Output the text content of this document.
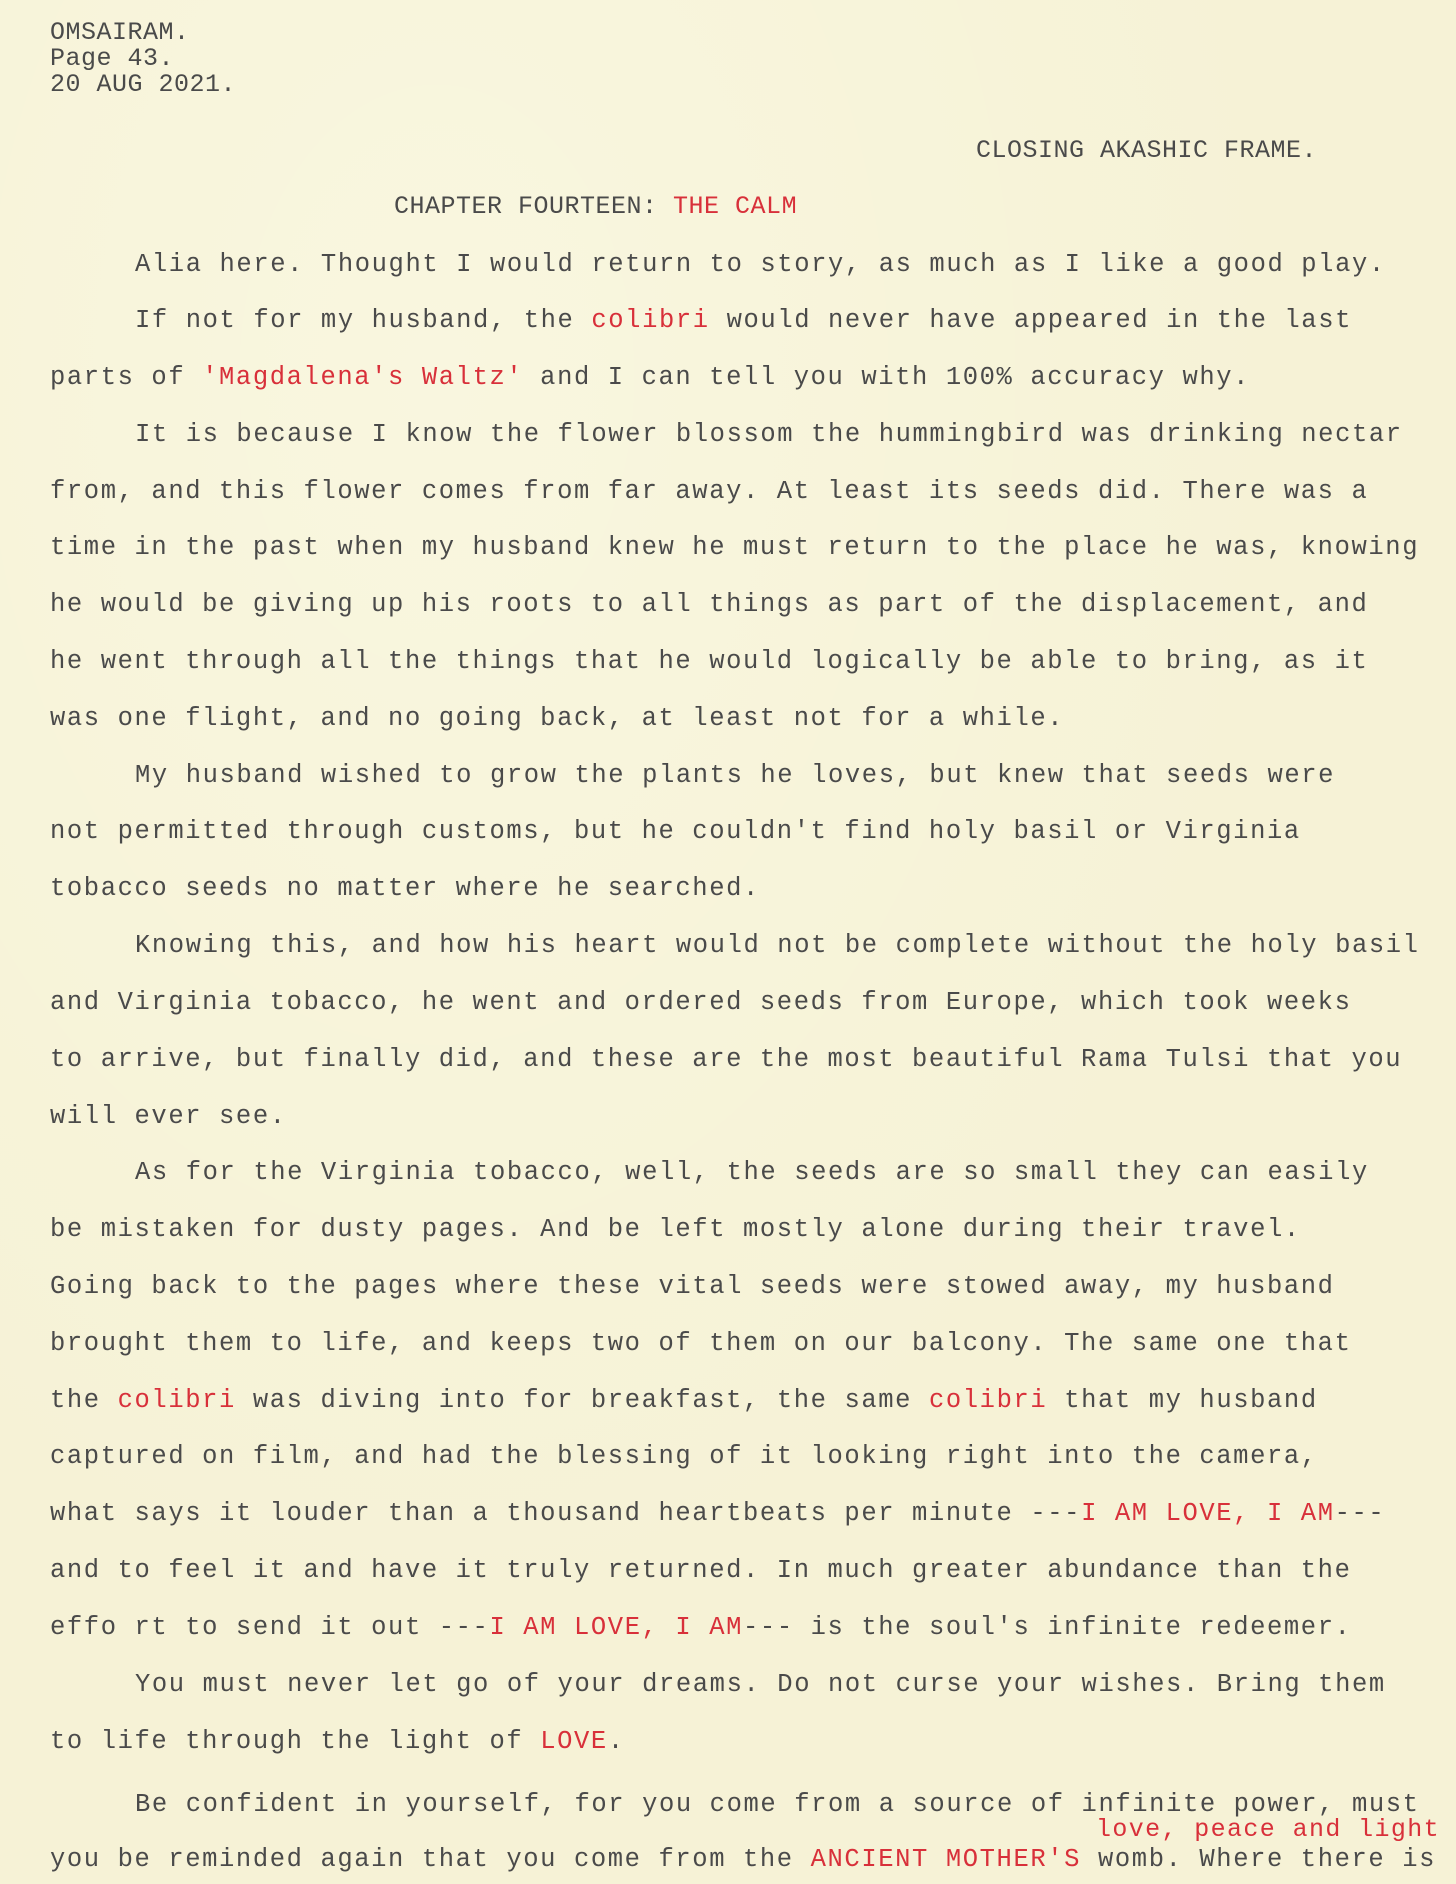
OMSAIRAM.
Page 43.
20 AUG 2021.
CLOSING AKASHIC FRAME.
CHAPTER FOURTEEN: THE CALM
Alia here. Thought I would return to story, as much as I like a good play.
If not for my husband, the colibri would never have appeared in the last
parts of 'Magdalena's Waltz' and I can tell you with 100% accuracy why.
It is because I know the flower blossom the hummingbird was drinking nectar
from, and this flower comes from far away. At least its seeds did. There was a
time in the past when my husband knew he must return to the place he was, knowing
he would be giving up his roots to all things as part of the displacement, and
he went through all the things that he would logically be able to bring, as it
was one flight, and no going back, at least not for a while.
My husband wished to grow the plants he loves, but knew that seeds were
not permitted through customs, but he couldn't find holy basil or Virginia
tobacco seeds no matter where he searched.
Knowing this, and how his heart would not be complete without the holy basil
and Virginia tobacco, he went and ordered seeds from Europe, which took weeks
to arrive, but finally did, and these are the most beautiful Rama Tulsi that you
will ever see.
As for the Virginia tobacco, well, the seeds are so small they can easily
be mistaken for dusty pages. And be left mostly alone during their travel.
Going back to the pages where these vital seeds were stowed away, my husband
brought them to life, and keeps two of them on our balcony. The same one that
the colibri was diving into for breakfast, the same colibri that my husband
captured on film, and had the blessing of it looking right into the camera,
what says it louder than a thousand heartbeats per minute ---I AM LOVE, I AM---
and to feel it and have it truly returned. In much greater abundance than the
effo rt to send it out ---I AM LOVE, I AM--- is the soul's infinite redeemer.
You must never let go of your dreams. Do not curse your wishes. Bring them
to life through the light of LOVE.
Be confident in yourself, for you come from a source of infinite power, must
love, peace and light
you be reminded again that you come from the ANCIENT MOTHER'S womb. Where there is
